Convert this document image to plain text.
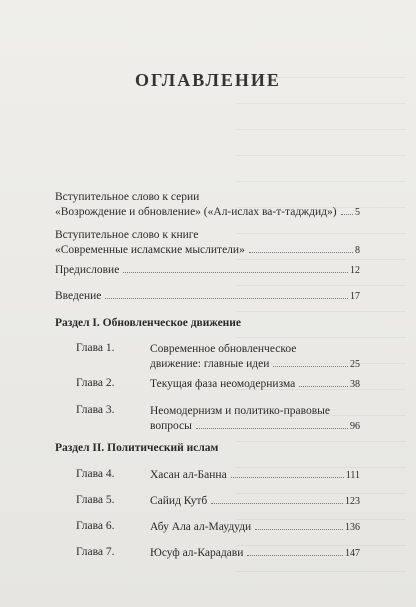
ОГЛАВЛЕНИЕ
Вступительное слово к серии
«Возрождение и обновление» («Ал-ислах ва-т-тадждид») 5
Вступительное слово к книге
«Современные исламские мыслители»	8
Предисловие	12
Введение	17
Раздел I. Обновленческое движение
Глава 1.	Современное обновленческое
движение: главные идеи	25
Глава 2.	Текущая фаза неомодернизма	38
Глава 3.	Неомодернизм и политико-правовые
вопросы	96
Раздел II. Политический ислам
Глава 4.	Хасан ал-Банна	111
Глава 5.	Сайид Кутб	123
Глава 6.	Абу Ала ал-Маудуди	136
Глава 7.	Юсуф ал-Карадави	147
